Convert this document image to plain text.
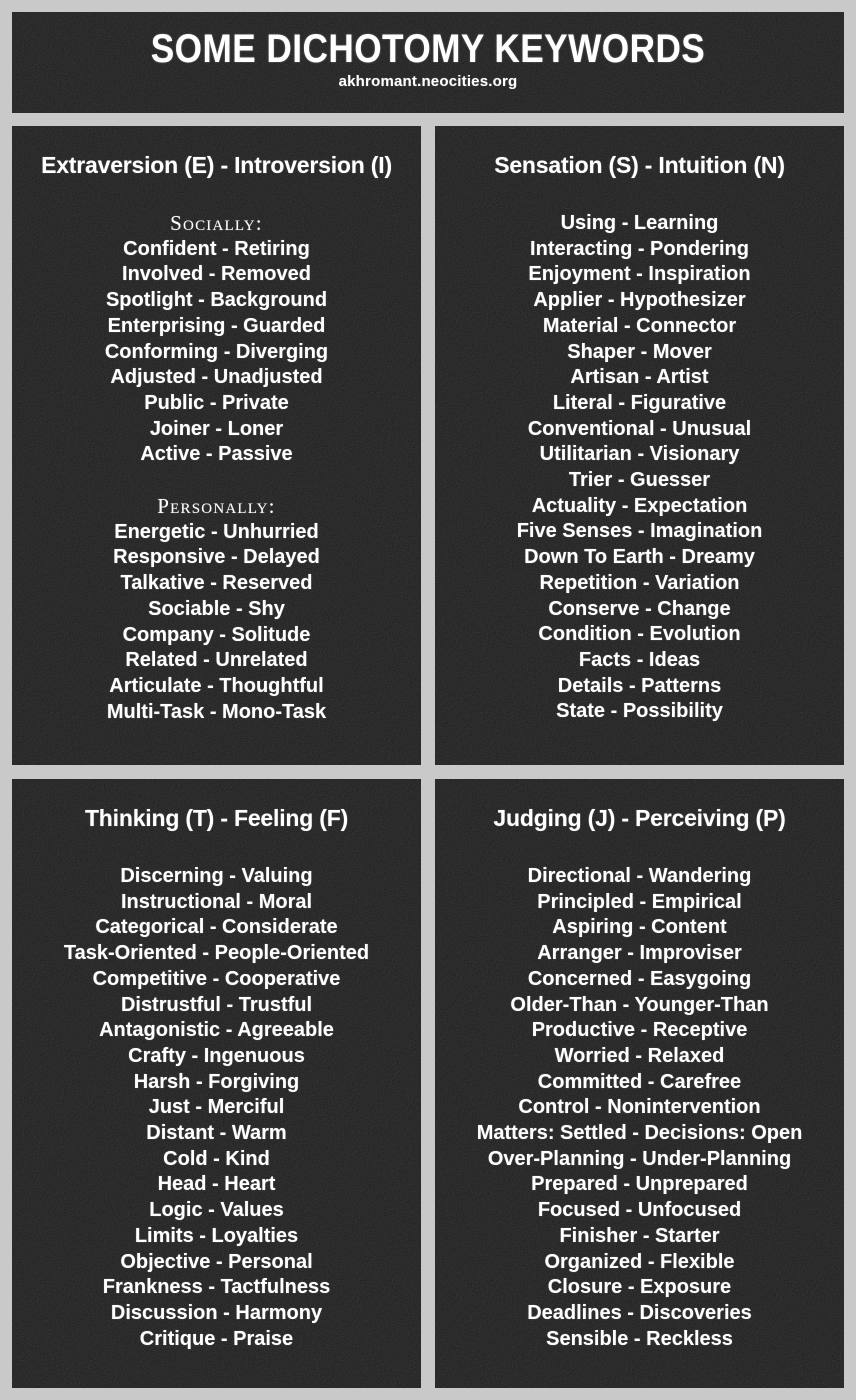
SOME DICHOTOMY KEYWORDS
akhromant.neocities.org
Extraversion (E) - Introversion (I)
Socially:
Confident - Retiring
Involved - Removed
Spotlight - Background
Enterprising - Guarded
Conforming - Diverging
Adjusted - Unadjusted
Public - Private
Joiner - Loner
Active - Passive
Personally:
Energetic - Unhurried
Responsive - Delayed
Talkative - Reserved
Sociable - Shy
Company - Solitude
Related - Unrelated
Articulate - Thoughtful
Multi-Task - Mono-Task
Sensation (S) - Intuition (N)
Using - Learning
Interacting - Pondering
Enjoyment - Inspiration
Applier - Hypothesizer
Material - Connector
Shaper - Mover
Artisan - Artist
Literal - Figurative
Conventional - Unusual
Utilitarian - Visionary
Trier - Guesser
Actuality - Expectation
Five Senses - Imagination
Down To Earth - Dreamy
Repetition - Variation
Conserve - Change
Condition - Evolution
Facts - Ideas
Details - Patterns
State - Possibility
Thinking (T) - Feeling (F)
Discerning - Valuing
Instructional - Moral
Categorical - Considerate
Task-Oriented - People-Oriented
Competitive - Cooperative
Distrustful - Trustful
Antagonistic - Agreeable
Crafty - Ingenuous
Harsh - Forgiving
Just - Merciful
Distant - Warm
Cold - Kind
Head - Heart
Logic - Values
Limits - Loyalties
Objective - Personal
Frankness - Tactfulness
Discussion - Harmony
Critique - Praise
Judging (J) - Perceiving (P)
Directional - Wandering
Principled - Empirical
Aspiring - Content
Arranger - Improviser
Concerned - Easygoing
Older-Than - Younger-Than
Productive - Receptive
Worried - Relaxed
Committed - Carefree
Control - Nonintervention
Matters: Settled - Decisions: Open
Over-Planning - Under-Planning
Prepared - Unprepared
Focused - Unfocused
Finisher - Starter
Organized - Flexible
Closure - Exposure
Deadlines - Discoveries
Sensible - Reckless
